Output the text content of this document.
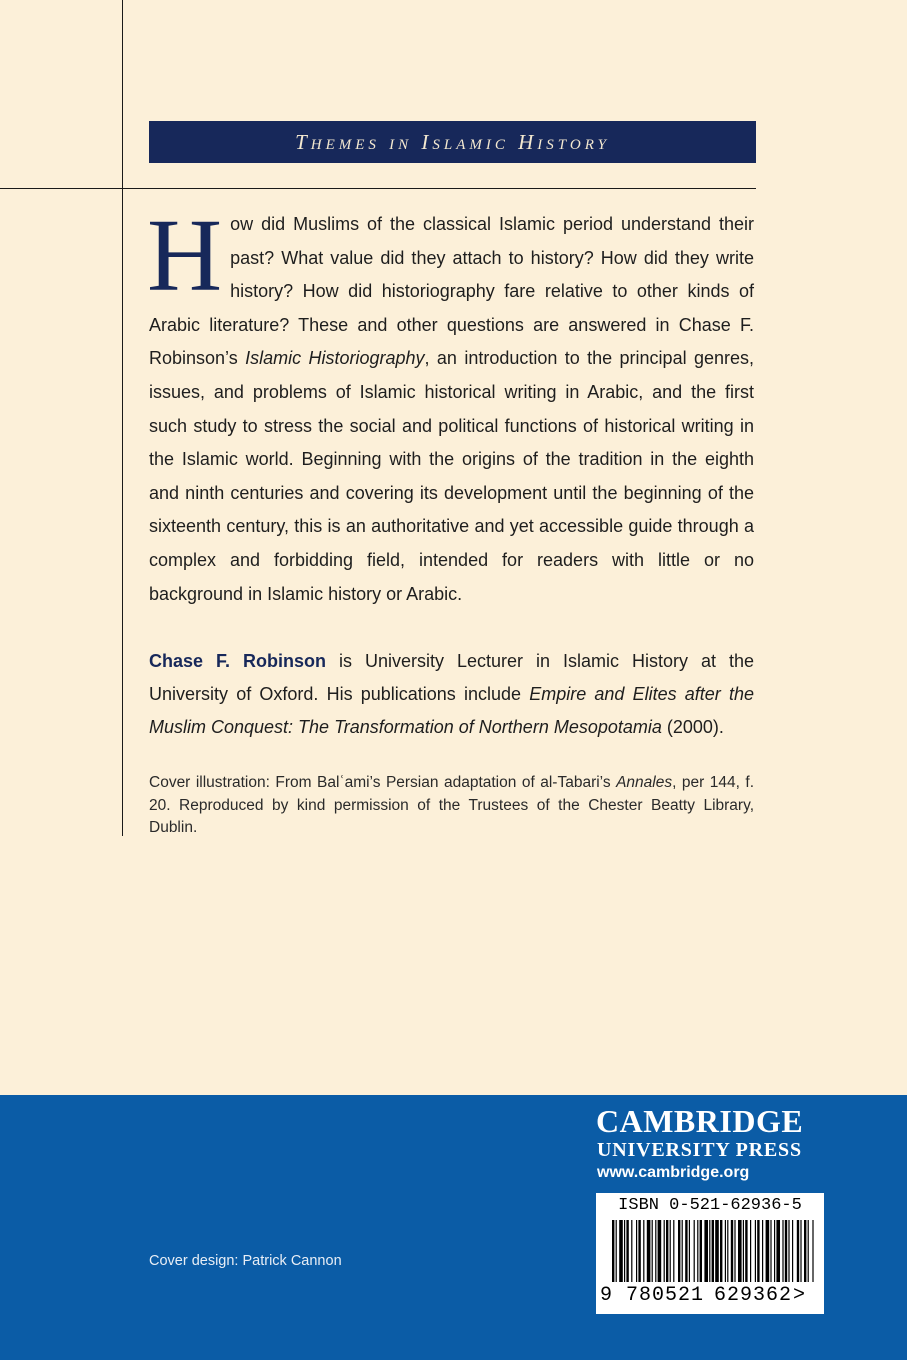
Themes in Islamic History

How did Muslims of the classical Islamic period understand their past? What value did they attach to history? How did they write history? How did historiography fare relative to other kinds of Arabic literature? These and other questions are answered in Chase F. Robinson’s Islamic Historiography, an introduction to the principal genres, issues, and problems of Islamic historical writing in Arabic, and the first such study to stress the social and political functions of historical writing in the Islamic world. Beginning with the origins of the tradition in the eighth and ninth centuries and covering its development until the beginning of the sixteenth century, this is an authoritative and yet accessible guide through a complex and forbidding field, intended for readers with little or no background in Islamic history or Arabic.

Chase F. Robinson is University Lecturer in Islamic History at the University of Oxford. His publications include Empire and Elites after the Muslim Conquest: The Transformation of Northern Mesopotamia (2000).

Cover illustration: From Balʿami’s Persian adaptation of al-Tabari’s Annales, per 144, f. 20. Reproduced by kind permission of the Trustees of the Chester Beatty Library, Dublin.

CAMBRIDGE
UNIVERSITY PRESS
www.cambridge.org
Cover design: Patrick Cannon
ISBN 0-521-62936-5
9 780521 629362 >
